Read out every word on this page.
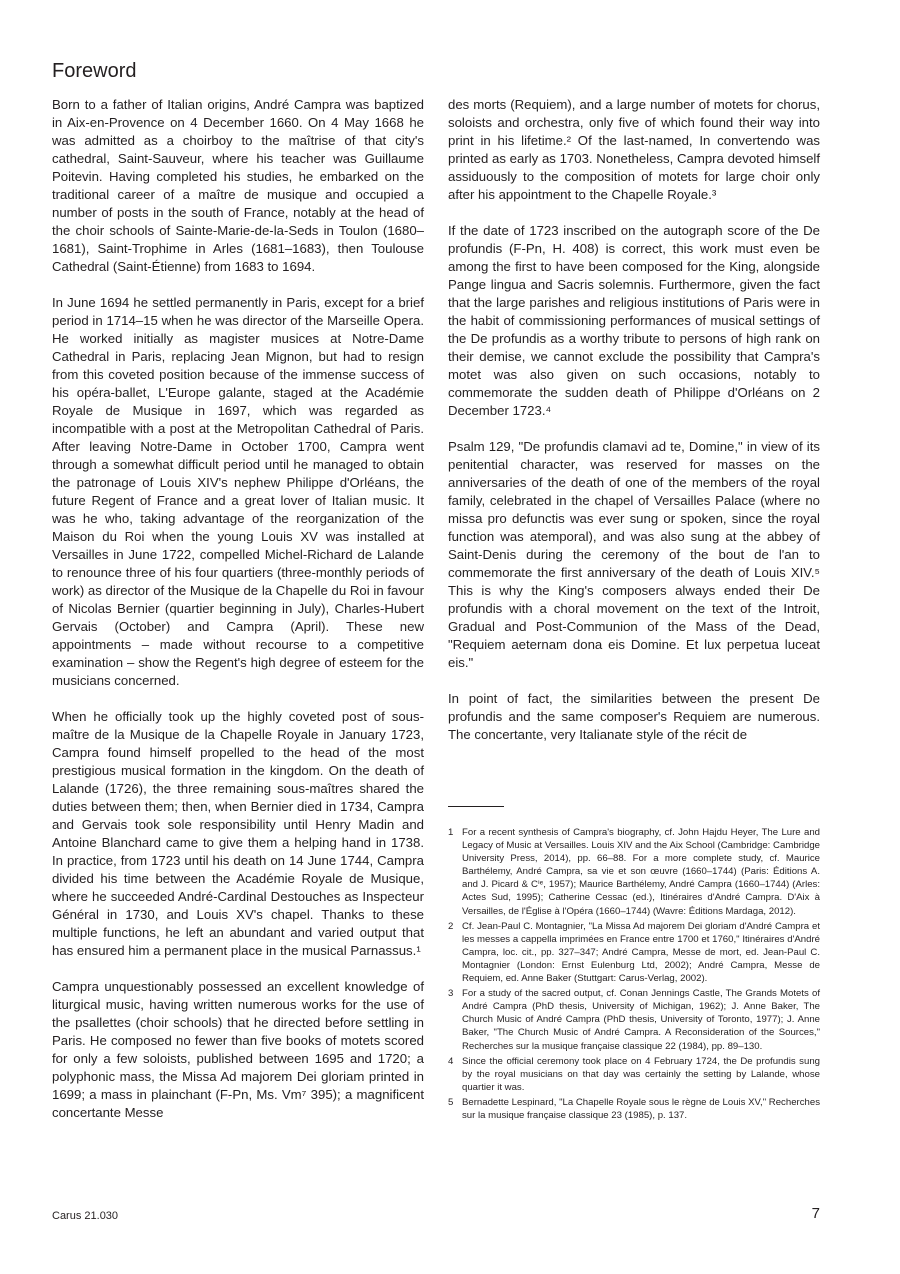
Foreword

Born to a father of Italian origins, André Campra was baptized in Aix-en-Provence on 4 December 1660. On 4 May 1668 he was admitted as a choirboy to the maîtrise of that city's cathedral, Saint-Sauveur, where his teacher was Guillaume Poitevin. Having completed his studies, he embarked on the traditional career of a maître de musique and occupied a number of posts in the south of France, notably at the head of the choir schools of Sainte-Marie-de-la-Seds in Toulon (1680–1681), Saint-Trophime in Arles (1681–1683), then Toulouse Cathedral (Saint-Étienne) from 1683 to 1694.

In June 1694 he settled permanently in Paris, except for a brief period in 1714–15 when he was director of the Marseille Opera. He worked initially as magister musices at Notre-Dame Cathedral in Paris, replacing Jean Mignon, but had to resign from this coveted position because of the immense success of his opéra-ballet, L'Europe galante, staged at the Académie Royale de Musique in 1697, which was regarded as incompatible with a post at the Metropolitan Cathedral of Paris. After leaving Notre-Dame in October 1700, Campra went through a somewhat difficult period until he managed to obtain the patronage of Louis XIV's nephew Philippe d'Orléans, the future Regent of France and a great lover of Italian music. It was he who, taking advantage of the reorganization of the Maison du Roi when the young Louis XV was installed at Versailles in June 1722, compelled Michel-Richard de Lalande to renounce three of his four quartiers (three-monthly periods of work) as director of the Musique de la Chapelle du Roi in favour of Nicolas Bernier (quartier beginning in July), Charles-Hubert Gervais (October) and Campra (April). These new appointments – made without recourse to a competitive examination – show the Regent's high degree of esteem for the musicians concerned.

When he officially took up the highly coveted post of sous-maître de la Musique de la Chapelle Royale in January 1723, Campra found himself propelled to the head of the most prestigious musical formation in the kingdom. On the death of Lalande (1726), the three remaining sous-maîtres shared the duties between them; then, when Bernier died in 1734, Campra and Gervais took sole responsibility until Henry Madin and Antoine Blanchard came to give them a helping hand in 1738. In practice, from 1723 until his death on 14 June 1744, Campra divided his time between the Académie Royale de Musique, where he succeeded André-Cardinal Destouches as Inspecteur Général in 1730, and Louis XV's chapel. Thanks to these multiple functions, he left an abundant and varied output that has ensured him a permanent place in the musical Parnassus.¹

Campra unquestionably possessed an excellent knowledge of liturgical music, having written numerous works for the use of the psallettes (choir schools) that he directed before settling in Paris. He composed no fewer than five books of motets scored for only a few soloists, published between 1695 and 1720; a polyphonic mass, the Missa Ad majorem Dei gloriam printed in 1699; a mass in plainchant (F-Pn, Ms. Vm⁷ 395); a magnificent concertante Messe

des morts (Requiem), and a large number of motets for chorus, soloists and orchestra, only five of which found their way into print in his lifetime.² Of the last-named, In convertendo was printed as early as 1703. Nonetheless, Campra devoted himself assiduously to the composition of motets for large choir only after his appointment to the Chapelle Royale.³

If the date of 1723 inscribed on the autograph score of the De profundis (F-Pn, H. 408) is correct, this work must even be among the first to have been composed for the King, alongside Pange lingua and Sacris solemnis. Furthermore, given the fact that the large parishes and religious institutions of Paris were in the habit of commissioning performances of musical settings of the De profundis as a worthy tribute to persons of high rank on their demise, we cannot exclude the possibility that Campra's motet was also given on such occasions, notably to commemorate the sudden death of Philippe d'Orléans on 2 December 1723.⁴

Psalm 129, "De profundis clamavi ad te, Domine," in view of its penitential character, was reserved for masses on the anniversaries of the death of one of the members of the royal family, celebrated in the chapel of Versailles Palace (where no missa pro defunctis was ever sung or spoken, since the royal function was atemporal), and was also sung at the abbey of Saint-Denis during the ceremony of the bout de l'an to commemorate the first anniversary of the death of Louis XIV.⁵ This is why the King's composers always ended their De profundis with a choral movement on the text of the Introit, Gradual and Post-Communion of the Mass of the Dead, "Requiem aeternam dona eis Domine. Et lux perpetua luceat eis."

In point of fact, the similarities between the present De profundis and the same composer's Requiem are numerous. The concertante, very Italianate style of the récit de

1 For a recent synthesis of Campra's biography, cf. John Hajdu Heyer, The Lure and Legacy of Music at Versailles. Louis XIV and the Aix School (Cambridge: Cambridge University Press, 2014), pp. 66–88. For a more complete study, cf. Maurice Barthélemy, André Campra, sa vie et son œuvre (1660–1744) (Paris: Éditions A. and J. Picard & Cⁱᵉ, 1957); Maurice Barthélemy, André Campra (1660–1744) (Arles: Actes Sud, 1995); Catherine Cessac (ed.), Itinéraires d'André Campra. D'Aix à Versailles, de l'Église à l'Opéra (1660–1744) (Wavre: Éditions Mardaga, 2012).
2 Cf. Jean-Paul C. Montagnier, "La Missa Ad majorem Dei gloriam d'André Campra et les messes a cappella imprimées en France entre 1700 et 1760," Itinéraires d'André Campra, loc. cit., pp. 327–347; André Campra, Messe de mort, ed. Jean-Paul C. Montagnier (London: Ernst Eulenburg Ltd, 2002); André Campra, Messe de Requiem, ed. Anne Baker (Stuttgart: Carus-Verlag, 2002).
3 For a study of the sacred output, cf. Conan Jennings Castle, The Grands Motets of André Campra (PhD thesis, University of Michigan, 1962); J. Anne Baker, The Church Music of André Campra (PhD thesis, University of Toronto, 1977); J. Anne Baker, "The Church Music of André Campra. A Reconsideration of the Sources," Recherches sur la musique française classique 22 (1984), pp. 89–130.
4 Since the official ceremony took place on 4 February 1724, the De profundis sung by the royal musicians on that day was certainly the setting by Lalande, whose quartier it was.
5 Bernadette Lespinard, "La Chapelle Royale sous le règne de Louis XV," Recherches sur la musique française classique 23 (1985), p. 137.
Carus 21.030	7
